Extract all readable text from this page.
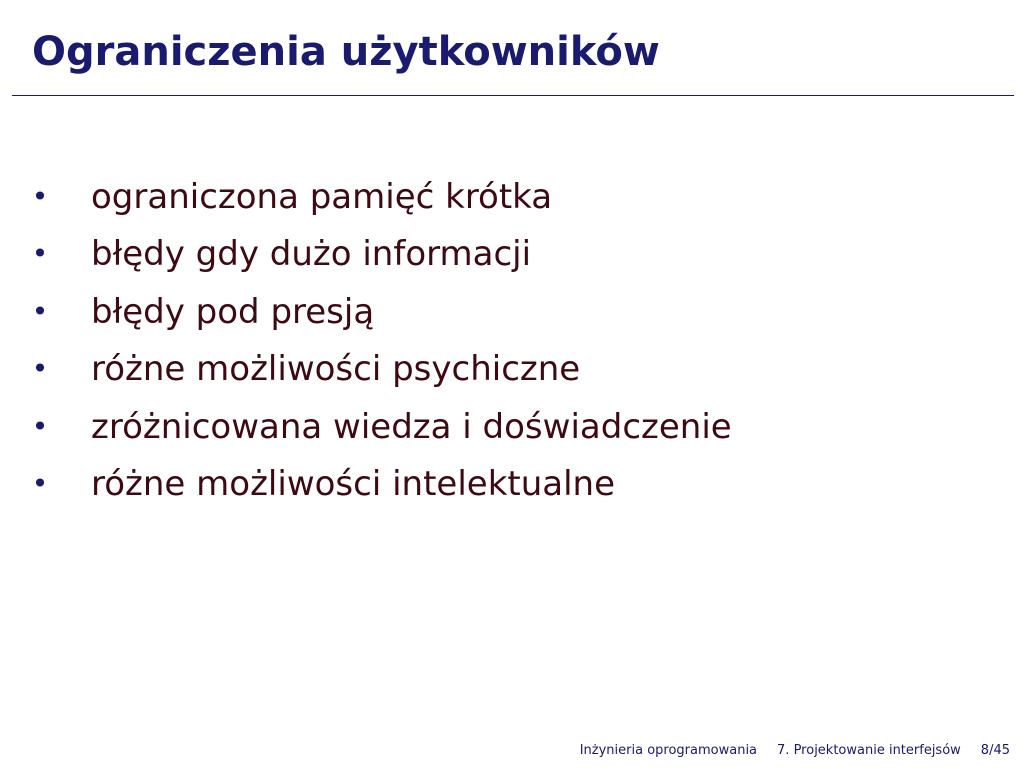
Ograniczenia użytkowników
• ograniczona pamięć krótka
• błędy gdy dużo informacji
• błędy pod presją
• różne możliwości psychiczne
• zróżnicowana wiedza i doświadczenie
• różne możliwości intelektualne
Inżynieria oprogramowania 7. Projektowanie interfejsów 8/45
